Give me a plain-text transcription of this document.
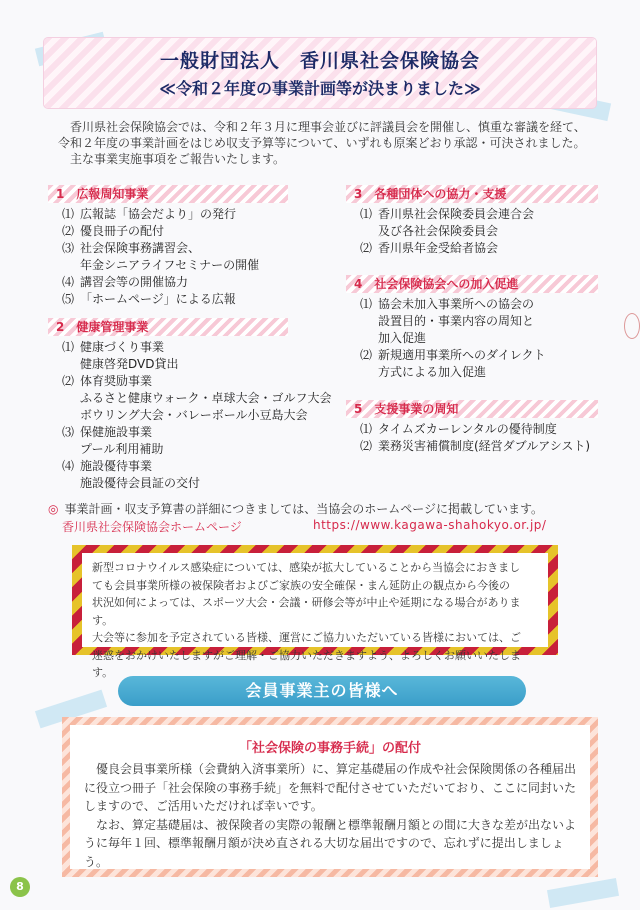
一般財団法人　香川県社会保険協会
≪令和２年度の事業計画等が決まりました≫

香川県社会保険協会では、令和２年３月に理事会並びに評議員会を開催し、慎重な審議を経て、

令和２年度の事業計画をはじめ収支予算等について、いずれも原案どおり承認・可決されました。

主な事業実施事項をご報告いたします。

1　広報周知事業
⑴ 広報誌「協会だより」の発行
⑵ 優良冊子の配付
⑶ 社会保険事務講習会、
年金シニアライフセミナーの開催
⑷ 講習会等の開催協力
⑸ 「ホームページ」による広報
2　健康管理事業
⑴ 健康づくり事業
健康啓発DVD貸出
⑵ 体育奨励事業
ふるさと健康ウォーク・卓球大会・ゴルフ大会
ボウリング大会・バレーボール小豆島大会
⑶ 保健施設事業
プール利用補助
⑷ 施設優待事業
施設優待会員証の交付
3　各種団体への協力・支援
⑴ 香川県社会保険委員会連合会
及び各社会保険委員会
⑵ 香川県年金受給者協会
4　社会保険協会への加入促進
⑴ 協会未加入事業所への協会の
設置目的・事業内容の周知と
加入促進
⑵ 新規適用事業所へのダイレクト
方式による加入促進
5　支援事業の周知
⑴ タイムズカーレンタルの優待制度
⑵ 業務災害補償制度(経営ダブルアシスト)
◎ 事業計画・収支予算書の詳細につきましては、当協会のホームページに掲載しています。
香川県社会保険協会ホームページ	https://www.kagawa-shahokyo.or.jp/
新型コロナウイルス感染症については、感染が拡大していることから当協会におきまし
ても会員事業所様の被保険者およびご家族の安全確保・まん延防止の観点から今後の
状況如何によっては、スポーツ大会・会議・研修会等が中止や延期になる場合があります。
大会等に参加を予定されている皆様、運営にご協力いただいている皆様においては、ご
迷惑をおかけいたしますがご理解・ご協力いただきますよう、よろしくお願いいたします。
会員事業主の皆様へ
「社会保険の事務手続」の配付

優良会員事業所様（会費納入済事業所）に、算定基礎届の作成や社会保険関係の各種届出に役立つ冊子「社会保険の事務手続」を無料で配付させていただいており、ここに同封いたしますので、ご活用いただければ幸いです。

なお、算定基礎届は、被保険者の実際の報酬と標準報酬月額との間に大きな差が出ないように毎年１回、標準報酬月額が決め直される大切な届出ですので、忘れずに提出しましょう。

8
